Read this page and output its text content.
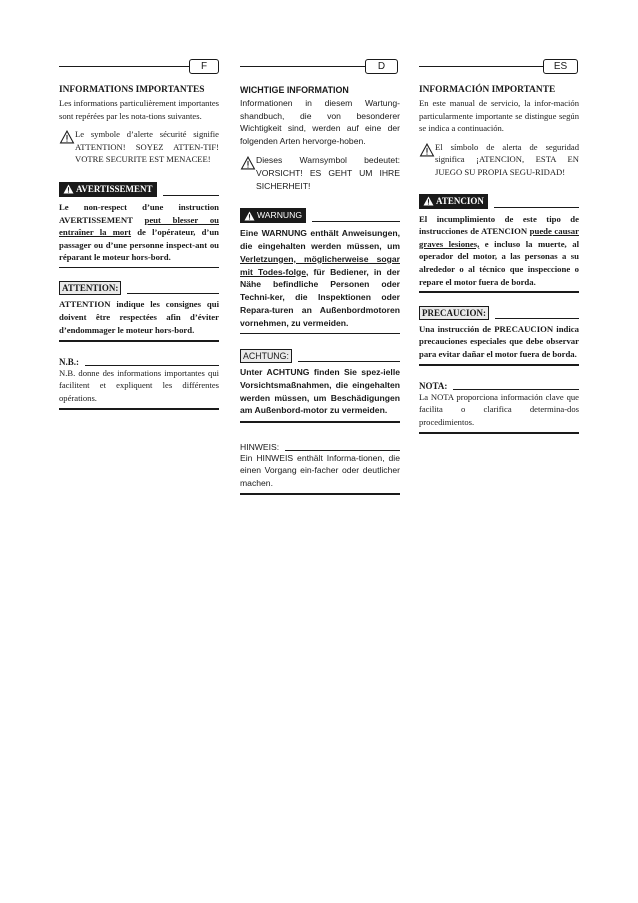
F	D	ES
INFORMATIONS IMPORTANTES
Les informations particulièrement importantes sont repérées par les nota-tions suivantes.
Le symbole d’alerte sécurité signifie ATTENTION! SOYEZ ATTEN-TIF! VOTRE SECURITE EST MENACEE!
AVERTISSEMENT
Le non-respect d’une instruction AVERTISSEMENT peut blesser ou entraîner la mort de l’opérateur, d’un passager ou d’une personne inspect-ant ou réparant le moteur hors-bord.
ATTENTION:
ATTENTION indique les consignes qui doivent être respectées afin d’éviter d’endommager le moteur hors-bord.
N.B.:
N.B. donne des informations importantes qui facilitent et expliquent les différentes opérations.
WICHTIGE INFORMATION
Informationen in diesem Wartung-shandbuch, die von besonderer Wichtigkeit sind, werden auf eine der folgenden Arten hervorge-hoben.
Dieses Warnsymbol bedeutet: VORSICHT! ES GEHT UM IHRE SICHERHEIT!
WARNUNG
Eine WARNUNG enthält Anweisungen, die eingehalten werden müssen, um Verletzungen, möglicherweise sogar mit Todes-folge, für Bediener, in der Nähe befindliche Personen oder Techni-ker, die Inspektionen oder Repara-turen an Außenbordmotoren vornehmen, zu vermeiden.
ACHTUNG:
Unter ACHTUNG finden Sie spez-ielle Vorsichtsmaßnahmen, die eingehalten werden müssen, um Beschädigungen am Außenbord-motor zu vermeiden.
HINWEIS:
Ein HINWEIS enthält Informa-tionen, die einen Vorgang ein-facher oder deutlicher machen.
INFORMACIÓN IMPORTANTE
En este manual de servicio, la infor-mación particularmente importante se distingue según se indica a continuación.
El símbolo de alerta de seguridad significa ¡ATENCION, ESTA EN JUEGO SU PROPIA SEGU-RIDAD!
ATENCION
El incumplimiento de este tipo de instrucciones de ATENCION puede causar graves lesiones, e incluso la muerte, al operador del motor, a las personas a su alrededor o al técnico que inspeccione o repare el motor fuera de borda.
PRECAUCION:
Una instrucción de PRECAUCION indica precauciones especiales que debe observar para evitar dañar el motor fuera de borda.
NOTA:
La NOTA proporciona información clave que facilita o clarifica determina-dos procedimientos.
